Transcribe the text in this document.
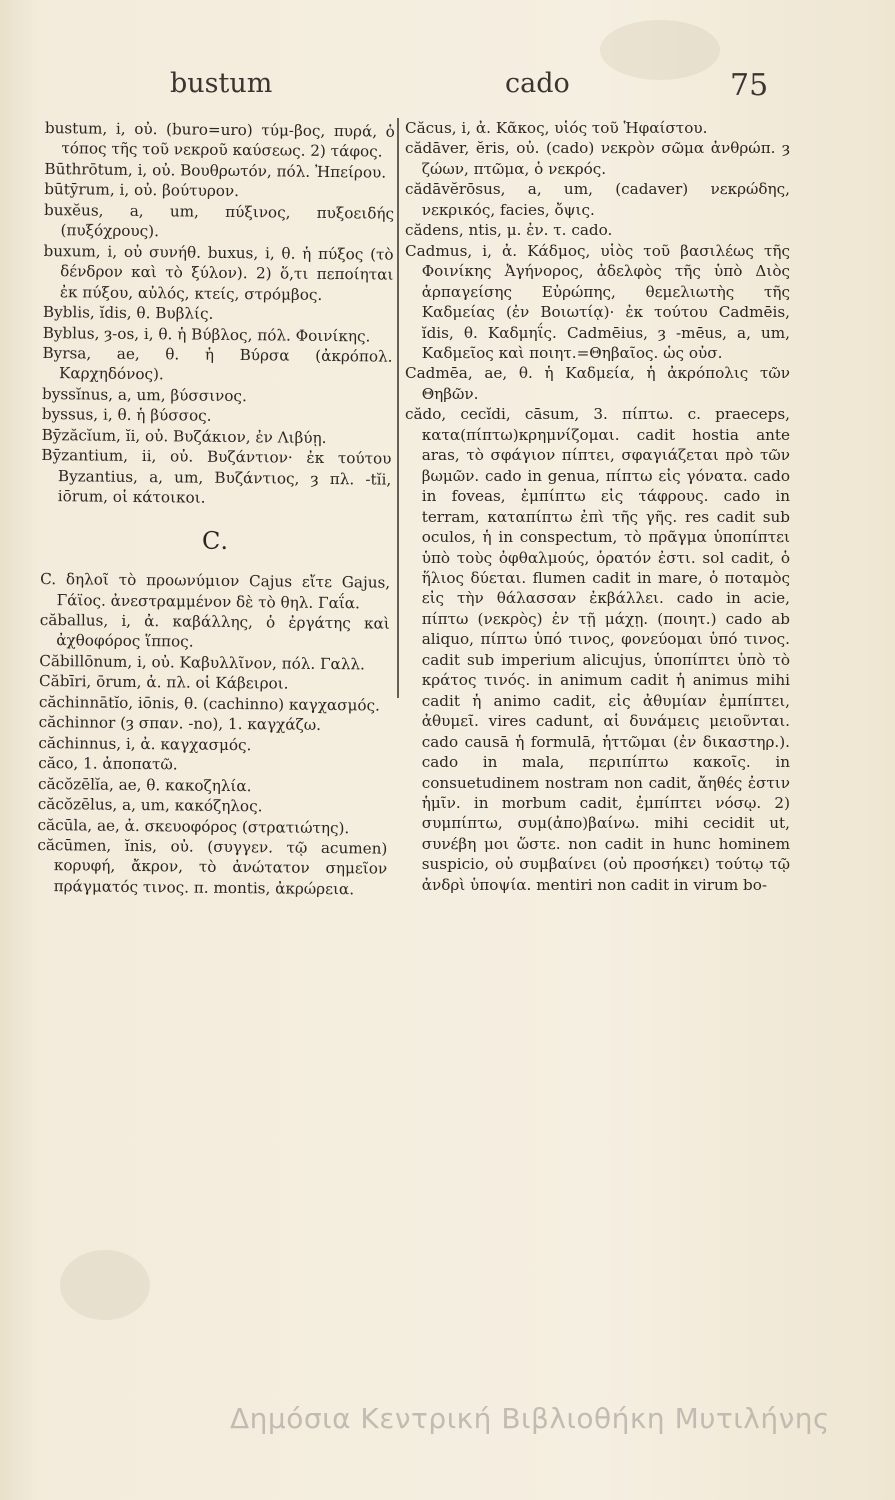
bustum	cado	75

bustum, i, οὐ. (buro=uro) τύμ-βος, πυρά, ὁ τόπος τῆς τοῦ νεκροῦ καύσεως. 2) τάφος.

Būthrōtum, i, οὐ. Βουθρωτόν, πόλ. Ἠπείρου.

būtȳrum, i, οὐ. βούτυρον.

buxĕus, a, um, πύξινος, πυξοειδής (πυξόχρους).

buxum, i, οὐ συνήθ. buxus, i, θ. ἡ πύξος (τὸ δένδρον καὶ τὸ ξύλον). 2) ὅ,τι πεποίηται ἐκ πύξου, αὐλός, κτείς, στρόμβος.

Byblis, ĭdis, θ. Βυβλίς.

Byblus, ȝ-os, i, θ. ἡ Βύβλος, πόλ. Φοινίκης.

Byrsa, ae, θ. ἡ Βύρσα (ἀκρόπολ. Καρχηδόνος).

byssĭnus, a, um, βύσσινος.

byssus, i, θ. ἡ βύσσος.

Bȳzăcĭum, ĭi, οὐ. Βυζάκιον, ἐν Λιβύῃ.

Bȳzantium, ii, οὐ. Βυζάντιον· ἐκ τούτου Byzantius, a, um, Βυζάντιος, ȝ πλ. -tĭi, iōrum, οἱ κάτοικοι.

C.

C. δηλοῖ τὸ προωνύμιον Cajus εἴτε Gajus, Γάϊος. ἀνεστραμμένον δὲ τὸ θηλ. Γαΐα.

căballus, i, ἀ. καβάλλης, ὁ ἐργάτης καὶ ἀχθοφόρος ἵππος.

Căbillōnum, i, οὐ. Καβυλλῖνον, πόλ. Γαλλ.

Căbīri, ōrum, ἀ. πλ. οἱ Κάβειροι.

căchinnātĭo, iōnis, θ. (cachinno) καγχασμός.

căchinnor (ȝ σπαν. -no), 1. καγχάζω.

căchinnus, i, ἀ. καγχασμός.

căco, 1. ἀποπατῶ.

căcŏzēlĭa, ae, θ. κακοζηλία.

căcŏzēlus, a, um, κακόζηλος.

căcūla, ae, ἀ. σκευοφόρος (στρατιώτης).

căcūmen, ĭnis, οὐ. (συγγεν. τῷ acumen) κορυφή, ἄκρον, τὸ ἀνώτατον σημεῖον πράγματός τινος. π. montis, ἀκρώρεια.

Căcus, i, ἀ. Κᾶκος, υἱός τοῦ Ἡφαίστου.

cădāver, ĕris, οὐ. (cado) νεκρὸν σῶμα ἀνθρώπ. ȝ ζώων, πτῶμα, ὁ νεκρός.

cădāvĕrōsus, a, um, (cadaver) νεκρώδης, νεκρικός, facies, ὄψις.

cădens, ntis, μ. ἐν. τ. cado.

Cadmus, i, ἀ. Κάδμος, υἱὸς τοῦ βασιλέως τῆς Φοινίκης Ἀγήνορος, ἀδελφὸς τῆς ὑπὸ Διὸς ἁρπαγείσης Εὐρώπης, θεμελιωτὴς τῆς Καδμείας (ἐν Βοιωτίᾳ)· ἐκ τούτου Cadmēis, ĭdis, θ. Καδμηΐς. Cadmēius, ȝ -mēus, a, um, Καδμεῖος καὶ ποιητ.=Θηβαῖος. ὡς οὐσ.

Cadmēa, ae, θ. ἡ Καδμεία, ἡ ἀκρόπολις τῶν Θηβῶν.

cădo, cecĭdi, cāsum, 3. πίπτω. c. praeceps, κατα(πίπτω)κρημνίζομαι. cadit hostia ante aras, τὸ σφάγιον πίπτει, σφαγιάζεται πρὸ τῶν βωμῶν. cado in genua, πίπτω εἰς γόνατα. cado in foveas, ἐμπίπτω εἰς τάφρους. cado in terram, καταπίπτω ἐπὶ τῆς γῆς. res cadit sub oculos, ἡ in conspectum, τὸ πρᾶγμα ὑποπίπτει ὑπὸ τοὺς ὀφθαλμούς, ὁρατόν ἐστι. sol cadit, ὁ ἥλιος δύεται. flumen cadit in mare, ὁ ποταμὸς εἰς τὴν θάλασσαν ἐκβάλλει. cado in acie, πίπτω (νεκρὸς) ἐν τῇ μάχῃ. (ποιητ.) cado ab aliquo, πίπτω ὑπό τινος, φονεύομαι ὑπό τινος. cadit sub imperium alicujus, ὑποπίπτει ὑπὸ τὸ κράτος τινός. in animum cadit ἡ animus mihi cadit ἡ animo cadit, εἰς ἀθυμίαν ἐμπίπτει, ἀθυμεῖ. vires cadunt, αἱ δυνάμεις μειοῦνται. cado causā ἡ formulā, ἡττῶμαι (ἐν δικαστηρ.). cado in mala, περιπίπτω κακοῖς. in consuetudinem nostram non cadit, ἄηθές ἐστιν ἡμῖν. in morbum cadit, ἐμπίπτει νόσῳ. 2) συμπίπτω, συμ(ἀπο)βαίνω. mihi cecidit ut, συνέβη μοι ὥστε. non cadit in hunc hominem suspicio, οὐ συμβαίνει (οὐ προσήκει) τούτῳ τῷ ἀνδρὶ ὑποψία. mentiri non cadit in virum bo-

Δημόσια Κεντρική Βιβλιοθήκη Μυτιλήνης
